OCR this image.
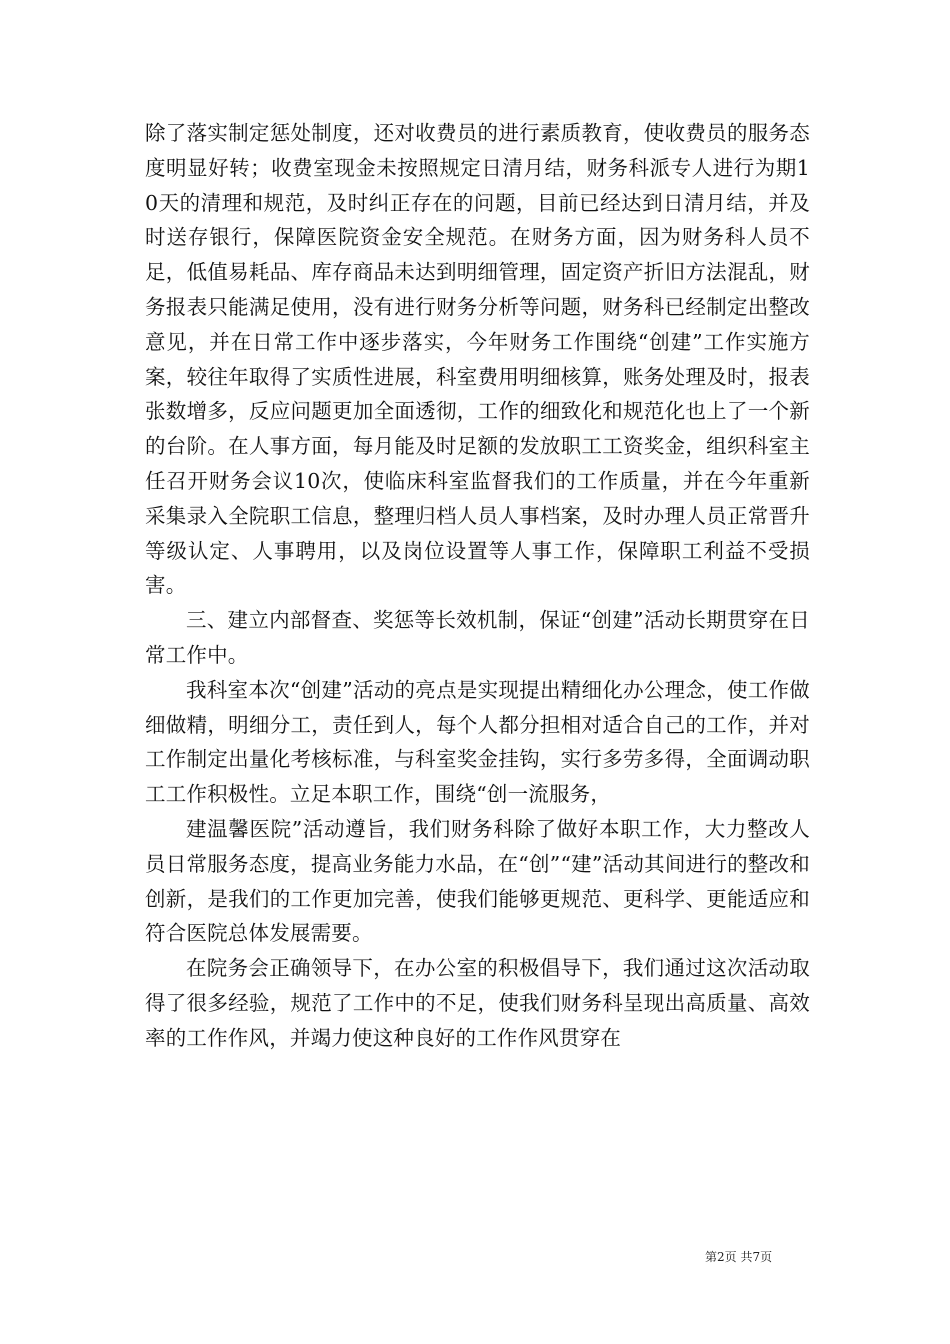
除了落实制定惩处制度，还对收费员的进行素质教育，使收费员的服务态度明显好转；收费室现金未按照规定日清月结，财务科派专人进行为期10天的清理和规范，及时纠正存在的问题，目前已经达到日清月结，并及时送存银行，保障医院资金安全规范。在财务方面，因为财务科人员不足，低值易耗品、库存商品未达到明细管理，固定资产折旧方法混乱，财务报表只能满足使用，没有进行财务分析等问题，财务科已经制定出整改意见，并在日常工作中逐步落实，今年财务工作围绕“创建”工作实施方案，较往年取得了实质性进展，科室费用明细核算，账务处理及时，报表张数增多，反应问题更加全面透彻，工作的细致化和规范化也上了一个新的台阶。在人事方面，每月能及时足额的发放职工工资奖金，组织科室主任召开财务会议10次，使临床科室监督我们的工作质量，并在今年重新采集录入全院职工信息，整理归档人员人事档案，及时办理人员正常晋升等级认定、人事聘用，以及岗位设置等人事工作，保障职工利益不受损害。

三、建立内部督查、奖惩等长效机制，保证“创建”活动长期贯穿在日常工作中。

我科室本次“创建”活动的亮点是实现提出精细化办公理念，使工作做细做精，明细分工，责任到人，每个人都分担相对适合自己的工作，并对工作制定出量化考核标准，与科室奖金挂钩，实行多劳多得，全面调动职工工作积极性。立足本职工作，围绕“创一流服务，

建温馨医院”活动遵旨，我们财务科除了做好本职工作，大力整改人员日常服务态度，提高业务能力水品，在“创”“建”活动其间进行的整改和创新，是我们的工作更加完善，使我们能够更规范、更科学、更能适应和符合医院总体发展需要。

在院务会正确领导下，在办公室的积极倡导下，我们通过这次活动取得了很多经验，规范了工作中的不足，使我们财务科呈现出高质量、高效率的工作作风，并竭力使这种良好的工作作风贯穿在

第2页 共7页
